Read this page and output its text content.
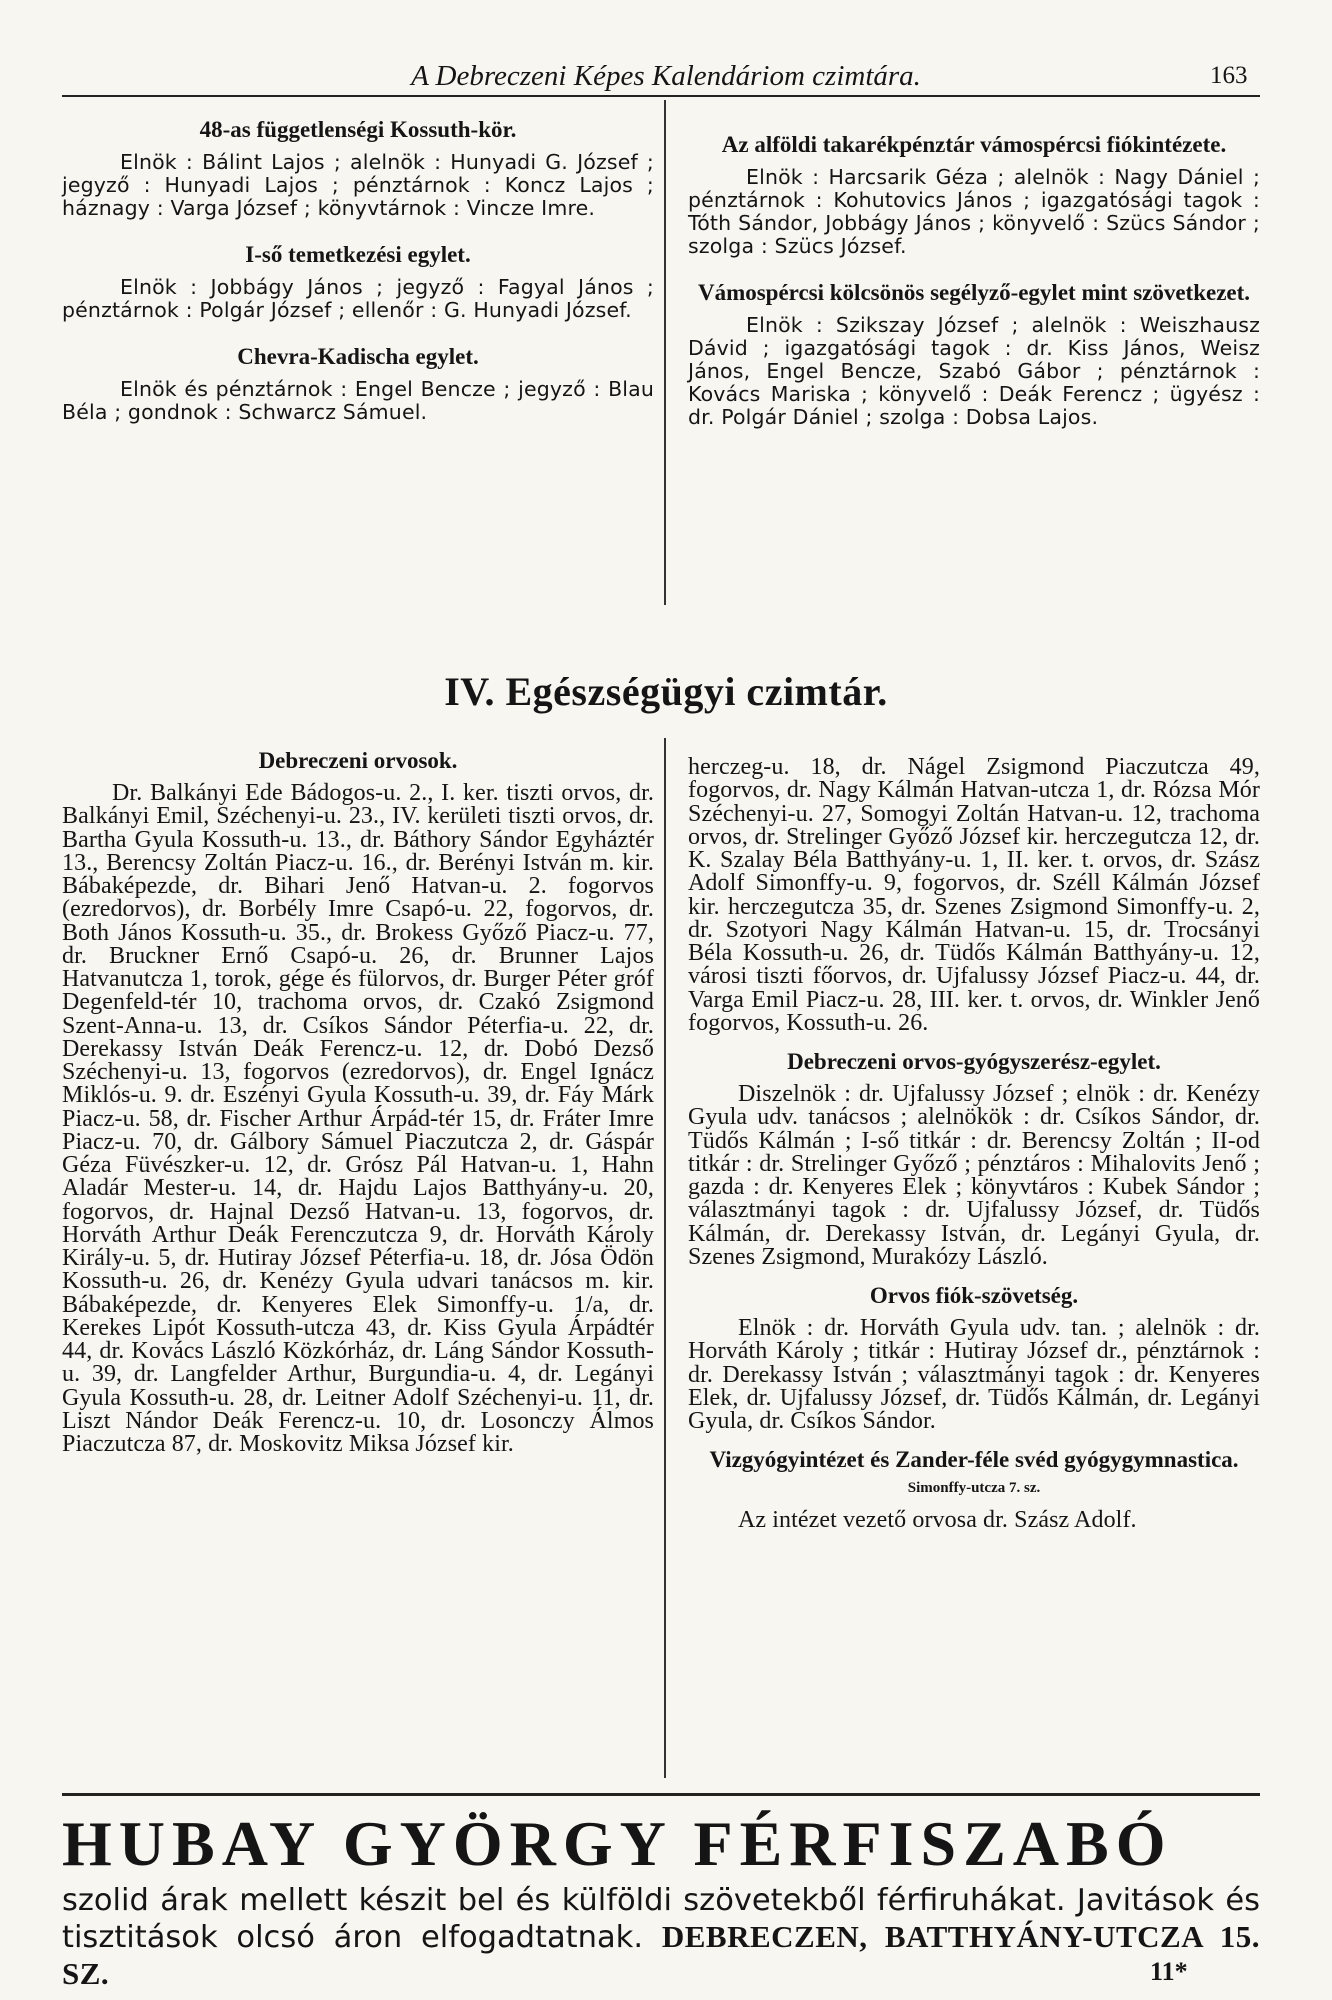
A Debreczeni Képes Kalendáriom czimtára.	163
48-as függetlenségi Kossuth-kör.

Elnök : Bálint Lajos ; alelnök : Hunyadi G. József ; jegyző : Hunyadi Lajos ; pénztárnok : Koncz Lajos ; háznagy : Varga József ; könyvtárnok : Vincze Imre.

I-ső temetkezési egylet.

Elnök : Jobbágy János ; jegyző : Fagyal János ; pénztárnok : Polgár József ; ellenőr : G. Hunyadi József.

Chevra-Kadischa egylet.

Elnök és pénztárnok : Engel Bencze ; jegyző : Blau Béla ; gondnok : Schwarcz Sámuel.

Az alföldi takarékpénztár vámospércsi fiókintézete.

Elnök : Harcsarik Géza ; alelnök : Nagy Dániel ; pénztárnok : Kohutovics János ; igazgatósági tagok : Tóth Sándor, Jobbágy János ; könyvelő : Szücs Sándor ; szolga : Szücs József.

Vámospércsi kölcsönös segélyző-egylet mint szövetkezet.

Elnök : Szikszay József ; alelnök : Weiszhausz Dávid ; igazgatósági tagok : dr. Kiss János, Weisz János, Engel Bencze, Szabó Gábor ; pénztárnok : Kovács Mariska ; könyvelő : Deák Ferencz ; ügyész : dr. Polgár Dániel ; szolga : Dobsa Lajos.

IV. Egészségügyi czimtár.
Debreczeni orvosok.

Dr. Balkányi Ede Bádogos-u. 2., I. ker. tiszti orvos, dr. Balkányi Emil, Széchenyi-u. 23., IV. kerületi tiszti orvos, dr. Bartha Gyula Kossuth-u. 13., dr. Báthory Sándor Egyháztér 13., Berencsy Zoltán Piacz-u. 16., dr. Berényi István m. kir. Bábaképezde, dr. Bihari Jenő Hatvan-u. 2. fogorvos (ezredorvos), dr. Borbély Imre Csapó-u. 22, fogorvos, dr. Both János Kossuth-u. 35., dr. Brokess Győző Piacz-u. 77, dr. Bruckner Ernő Csapó-u. 26, dr. Brunner Lajos Hatvanutcza 1, torok, gége és fülorvos, dr. Burger Péter gróf Degenfeld-tér 10, trachoma orvos, dr. Czakó Zsigmond Szent-Anna-u. 13, dr. Csíkos Sándor Péterfia-u. 22, dr. Derekassy István Deák Ferencz-u. 12, dr. Dobó Dezső Széchenyi-u. 13, fogorvos (ezredorvos), dr. Engel Ignácz Miklós-u. 9. dr. Eszényi Gyula Kossuth-u. 39, dr. Fáy Márk Piacz-u. 58, dr. Fischer Arthur Árpád-tér 15, dr. Fráter Imre Piacz-u. 70, dr. Gálbory Sámuel Piaczutcza 2, dr. Gáspár Géza Füvészker-u. 12, dr. Grósz Pál Hatvan-u. 1, Hahn Aladár Mester-u. 14, dr. Hajdu Lajos Batthyány-u. 20, fogorvos, dr. Hajnal Dezső Hatvan-u. 13, fogorvos, dr. Horváth Arthur Deák Ferenczutcza 9, dr. Horváth Károly Király-u. 5, dr. Hutiray József Péterfia-u. 18, dr. Jósa Ödön Kossuth-u. 26, dr. Kenézy Gyula udvari tanácsos m. kir. Bábaképezde, dr. Kenyeres Elek Simonffy-u. 1/a, dr. Kerekes Lipót Kossuth-utcza 43, dr. Kiss Gyula Árpádtér 44, dr. Kovács László Közkórház, dr. Láng Sándor Kossuth-u. 39, dr. Langfelder Arthur, Burgundia-u. 4, dr. Legányi Gyula Kossuth-u. 28, dr. Leitner Adolf Széchenyi-u. 11, dr. Liszt Nándor Deák Ferencz-u. 10, dr. Losonczy Álmos Piaczutcza 87, dr. Moskovitz Miksa József kir.

herczeg-u. 18, dr. Nágel Zsigmond Piaczutcza 49, fogorvos, dr. Nagy Kálmán Hatvan-utcza 1, dr. Rózsa Mór Széchenyi-u. 27, Somogyi Zoltán Hatvan-u. 12, trachoma orvos, dr. Strelinger Győző József kir. herczegutcza 12, dr. K. Szalay Béla Batthyány-u. 1, II. ker. t. orvos, dr. Szász Adolf Simonffy-u. 9, fogorvos, dr. Széll Kálmán József kir. herczegutcza 35, dr. Szenes Zsigmond Simonffy-u. 2, dr. Szotyori Nagy Kálmán Hatvan-u. 15, dr. Trocsányi Béla Kossuth-u. 26, dr. Tüdős Kálmán Batthyány-u. 12, városi tiszti főorvos, dr. Ujfalussy József Piacz-u. 44, dr. Varga Emil Piacz-u. 28, III. ker. t. orvos, dr. Winkler Jenő fogorvos, Kossuth-u. 26.

Debreczeni orvos-gyógyszerész-egylet.

Diszelnök : dr. Ujfalussy József ; elnök : dr. Kenézy Gyula udv. tanácsos ; alelnökök : dr. Csíkos Sándor, dr. Tüdős Kálmán ; I-ső titkár : dr. Berencsy Zoltán ; II-od titkár : dr. Strelinger Győző ; pénztáros : Mihalovits Jenő ; gazda : dr. Kenyeres Elek ; könyvtáros : Kubek Sándor ; választmányi tagok : dr. Ujfalussy József, dr. Tüdős Kálmán, dr. Derekassy István, dr. Legányi Gyula, dr. Szenes Zsigmond, Murakózy László.

Orvos fiók-szövetség.

Elnök : dr. Horváth Gyula udv. tan. ; alelnök : dr. Horváth Károly ; titkár : Hutiray József dr., pénztárnok : dr. Derekassy István ; választmányi tagok : dr. Kenyeres Elek, dr. Ujfalussy József, dr. Tüdős Kálmán, dr. Legányi Gyula, dr. Csíkos Sándor.

Vizgyógyintézet és Zander-féle svéd gyógygymnastica.
Simonffy-utcza 7. sz.

Az intézet vezető orvosa dr. Szász Adolf.

HUBAY GYÖRGY FÉRFISZABÓ
szolid árak mellett készit bel és külföldi szövetekből férfiruhákat. Javitások és tisztitások olcsó áron elfogadtatnak. DEBRECZEN, BATTHYÁNY-UTCZA 15. SZ.	11*
